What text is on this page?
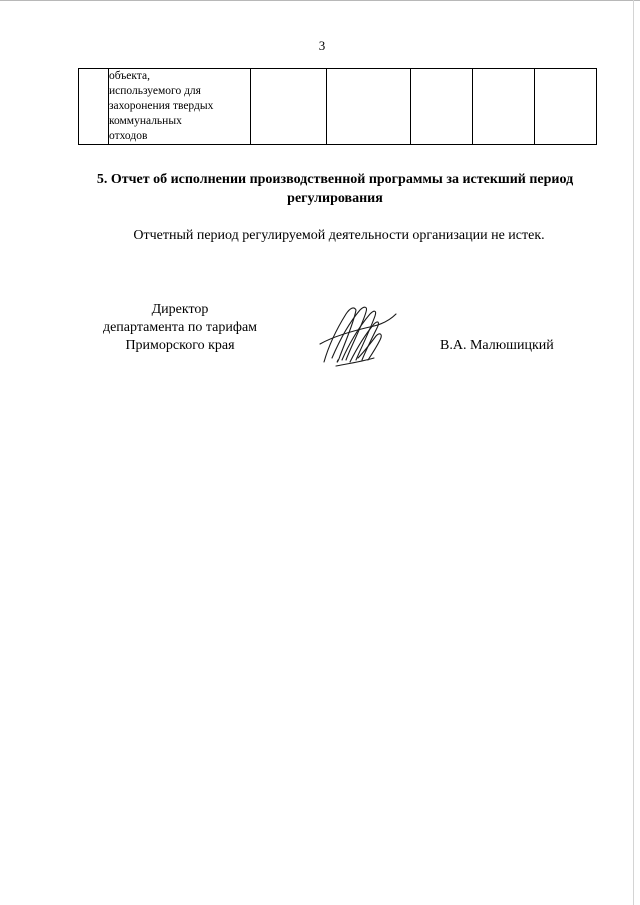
3

объекта,
используемого для
захоронения твердых
коммунальных
отходов

5. Отчет об исполнении производственной программы за истекший период
регулирования
Отчетный период регулируемой деятельности организации не истек.
Директор
департамента по тарифам
Приморского края	В.А. Малюшицкий
